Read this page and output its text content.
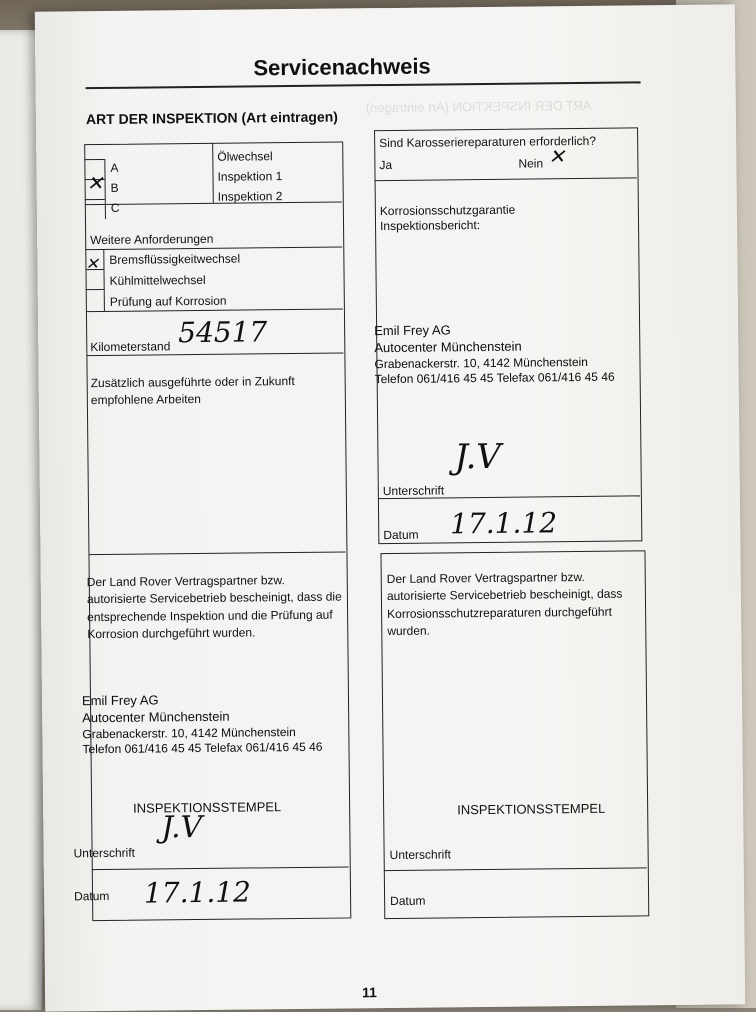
Servicenachweis
ART DER INSPEKTION (Art eintragen)
ART DER INSPEKTION (Art eintragen)
A
B
C
✕
Ölwechsel
Inspektion 1
Inspektion 2
Weitere Anforderungen
✕ Bremsflüssigkeitwechsel
Kühlmittelwechsel
Prüfung auf Korrosion
Kilometerstand 54517
Zusätzlich ausgeführte oder in Zukunft empfohlene Arbeiten
Der Land Rover Vertragspartner bzw. autorisierte Servicebetrieb bescheinigt, dass die entsprechende Inspektion und die Prüfung auf Korrosion durchgeführt wurden.
Emil Frey AG
Autocenter Münchenstein
Grabenackerstr. 10, 4142 Münchenstein
Telefon 061/416 45 45 Telefax 061/416 45 46
INSPEKTIONSSTEMPEL
Unterschrift
J.V
Datum 17.1.12
Sind Karosseriereparaturen erforderlich?
Ja	Nein ✕
Korrosionsschutzgarantie
Inspektionsbericht:
Emil Frey AG
Autocenter Münchenstein
Grabenackerstr. 10, 4142 Münchenstein
Telefon 061/416 45 45 Telefax 061/416 45 46
Unterschrift
J.V
Datum 17.1.12
Der Land Rover Vertragspartner bzw. autorisierte Servicebetrieb bescheinigt, dass Korrosionsschutzreparaturen durchgeführt wurden.
INSPEKTIONSSTEMPEL
Unterschrift
Datum
11
